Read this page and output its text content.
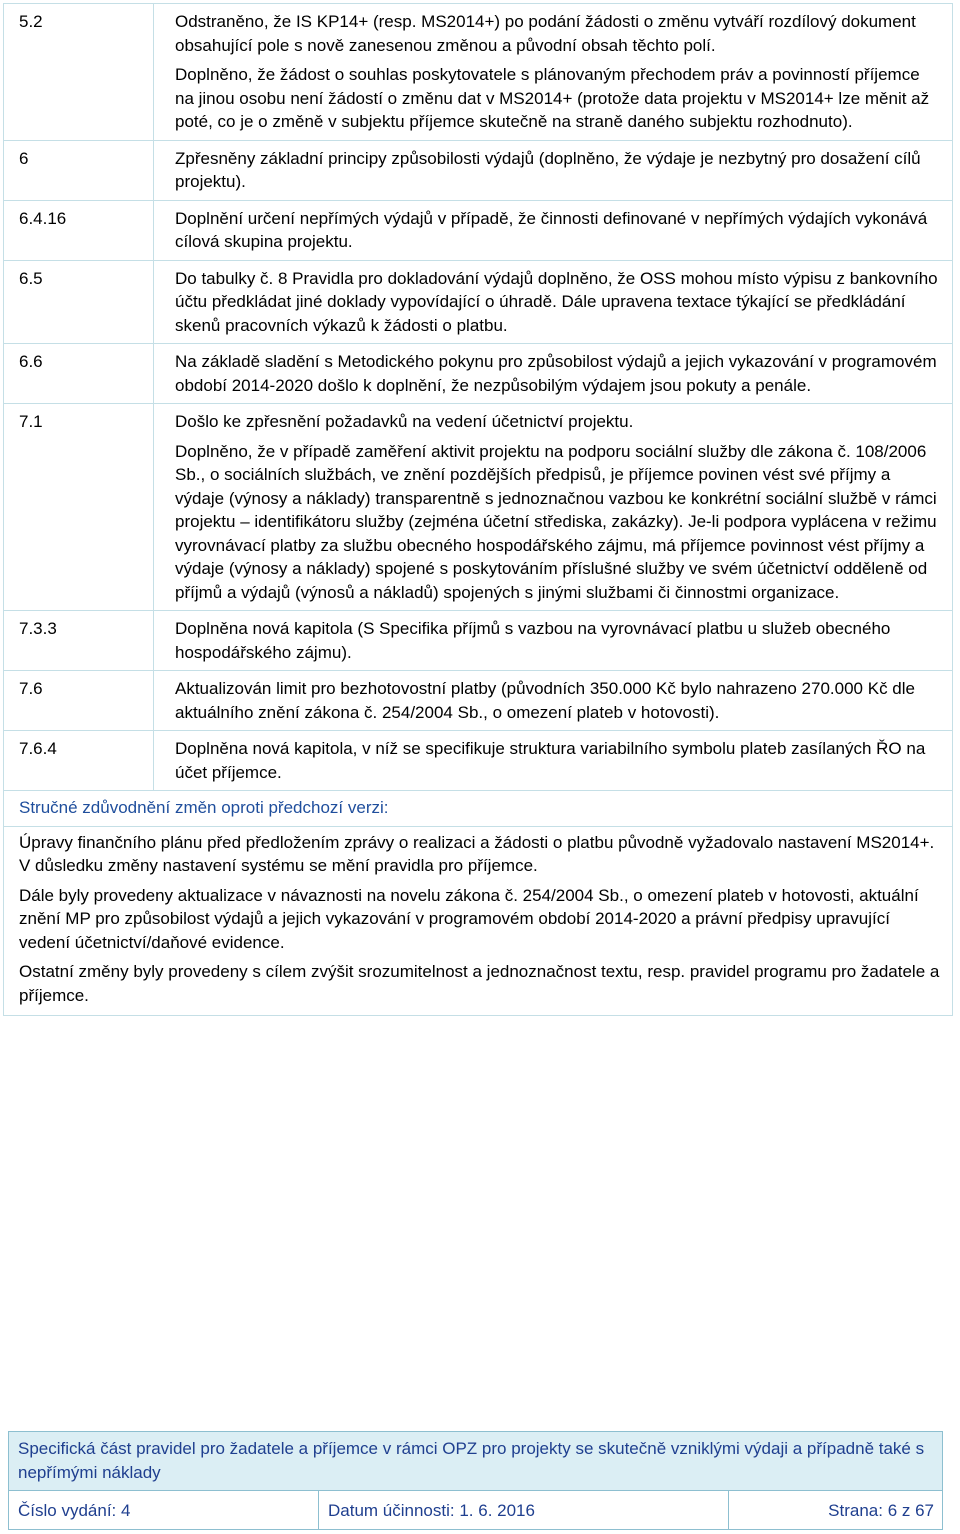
5.2	Odstraněno, že IS KP14+ (resp. MS2014+) po podání žádosti o změnu vytváří rozdílový dokument obsahující pole s nově zanesenou změnou a původní obsah těchto polí.

Doplněno, že žádost o souhlas poskytovatele s plánovaným přechodem práv a povinností příjemce na jinou osobu není žádostí o změnu dat v MS2014+ (protože data projektu v MS2014+ lze měnit až poté, co je o změně v subjektu příjemce skutečně na straně daného subjektu rozhodnuto).

6	Zpřesněny základní principy způsobilosti výdajů (doplněno, že výdaje je nezbytný pro dosažení cílů projektu).

6.4.16	Doplnění určení nepřímých výdajů v případě, že činnosti definované v nepřímých výdajích vykonává cílová skupina projektu.

6.5	Do tabulky č. 8 Pravidla pro dokladování výdajů doplněno, že OSS mohou místo výpisu z bankovního účtu předkládat jiné doklady vypovídající o úhradě. Dále upravena textace týkající se předkládání skenů pracovních výkazů k žádosti o platbu.

6.6	Na základě sladění s Metodického pokynu pro způsobilost výdajů a jejich vykazování v programovém období 2014-2020 došlo k doplnění, že nezpůsobilým výdajem jsou pokuty a penále.

7.1	Došlo ke zpřesnění požadavků na vedení účetnictví projektu.

Doplněno, že v případě zaměření aktivit projektu na podporu sociální služby dle zákona č. 108/2006 Sb., o sociálních službách, ve znění pozdějších předpisů, je příjemce povinen vést své příjmy a výdaje (výnosy a náklady) transparentně s jednoznačnou vazbou ke konkrétní sociální službě v rámci projektu – identifikátoru služby (zejména účetní střediska, zakázky). Je-li podpora vyplácena v režimu vyrovnávací platby za službu obecného hospodářského zájmu, má příjemce povinnost vést příjmy a výdaje (výnosy a náklady) spojené s poskytováním příslušné služby ve svém účetnictví odděleně od příjmů a výdajů (výnosů a nákladů) spojených s jinými službami či činnostmi organizace.

7.3.3	Doplněna nová kapitola (S Specifika příjmů s vazbou na vyrovnávací platbu u služeb obecného hospodářského zájmu).

7.6	Aktualizován limit pro bezhotovostní platby (původních 350.000 Kč bylo nahrazeno 270.000 Kč dle aktuálního znění zákona č. 254/2004 Sb., o omezení plateb v hotovosti).

7.6.4	Doplněna nová kapitola, v níž se specifikuje struktura variabilního symbolu plateb zasílaných ŘO na účet příjemce.

Stručné zdůvodnění změn oproti předchozí verzi:	

Úpravy finančního plánu před předložením zprávy o realizaci a žádosti o platbu původně vyžadovalo nastavení MS2014+. V důsledku změny nastavení systému se mění pravidla pro příjemce.

Dále byly provedeny aktualizace v návaznosti na novelu zákona č. 254/2004 Sb., o omezení plateb v hotovosti, aktuální znění MP pro způsobilost výdajů a jejich vykazování v programovém období 2014-2020 a právní předpisy upravující vedení účetnictví/daňové evidence.

Ostatní změny byly provedeny s cílem zvýšit srozumitelnost a jednoznačnost textu, resp. pravidel programu pro žadatele a příjemce.	

Specifická část pravidel pro žadatele a příjemce v rámci OPZ pro projekty se skutečně vzniklými výdaji a případně také s nepřímými náklady
Číslo vydání: 4	Datum účinnosti: 1. 6. 2016	Strana: 6 z 67
